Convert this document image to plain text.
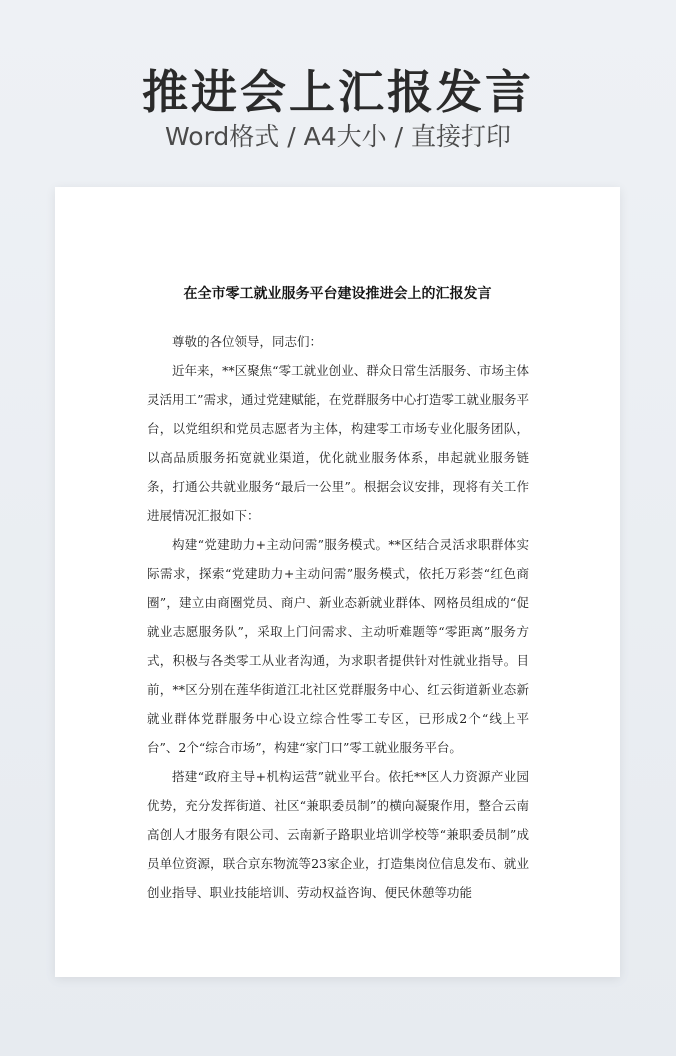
推进会上汇报发言
Word格式 / A4大小 / 直接打印
在全市零工就业服务平台建设推进会上的汇报发言

尊敬的各位领导，同志们：

近年来，**区聚焦“零工就业创业、群众日常生活服务、市场主体灵活用工”需求，通过党建赋能，在党群服务中心打造零工就业服务平台，以党组织和党员志愿者为主体，构建零工市场专业化服务团队，以高品质服务拓宽就业渠道，优化就业服务体系，串起就业服务链条，打通公共就业服务“最后一公里”。根据会议安排，现将有关工作进展情况汇报如下：

构建“党建助力+主动问需”服务模式。**区结合灵活求职群体实际需求，探索“党建助力+主动问需”服务模式，依托万彩荟“红色商圈”，建立由商圈党员、商户、新业态新就业群体、网格员组成的“促就业志愿服务队”，采取上门问需求、主动听难题等“零距离”服务方式，积极与各类零工从业者沟通，为求职者提供针对性就业指导。目前，**区分别在莲华街道江北社区党群服务中心、红云街道新业态新就业群体党群服务中心设立综合性零工专区，已形成2个“线上平台”、2个“综合市场”，构建“家门口”零工就业服务平台。

搭建“政府主导+机构运营”就业平台。依托**区人力资源产业园优势，充分发挥街道、社区“兼职委员制”的横向凝聚作用，整合云南高创人才服务有限公司、云南新子路职业培训学校等“兼职委员制”成员单位资源，联合京东物流等23家企业，打造集岗位信息发布、就业创业指导、职业技能培训、劳动权益咨询、便民休憩等功能
